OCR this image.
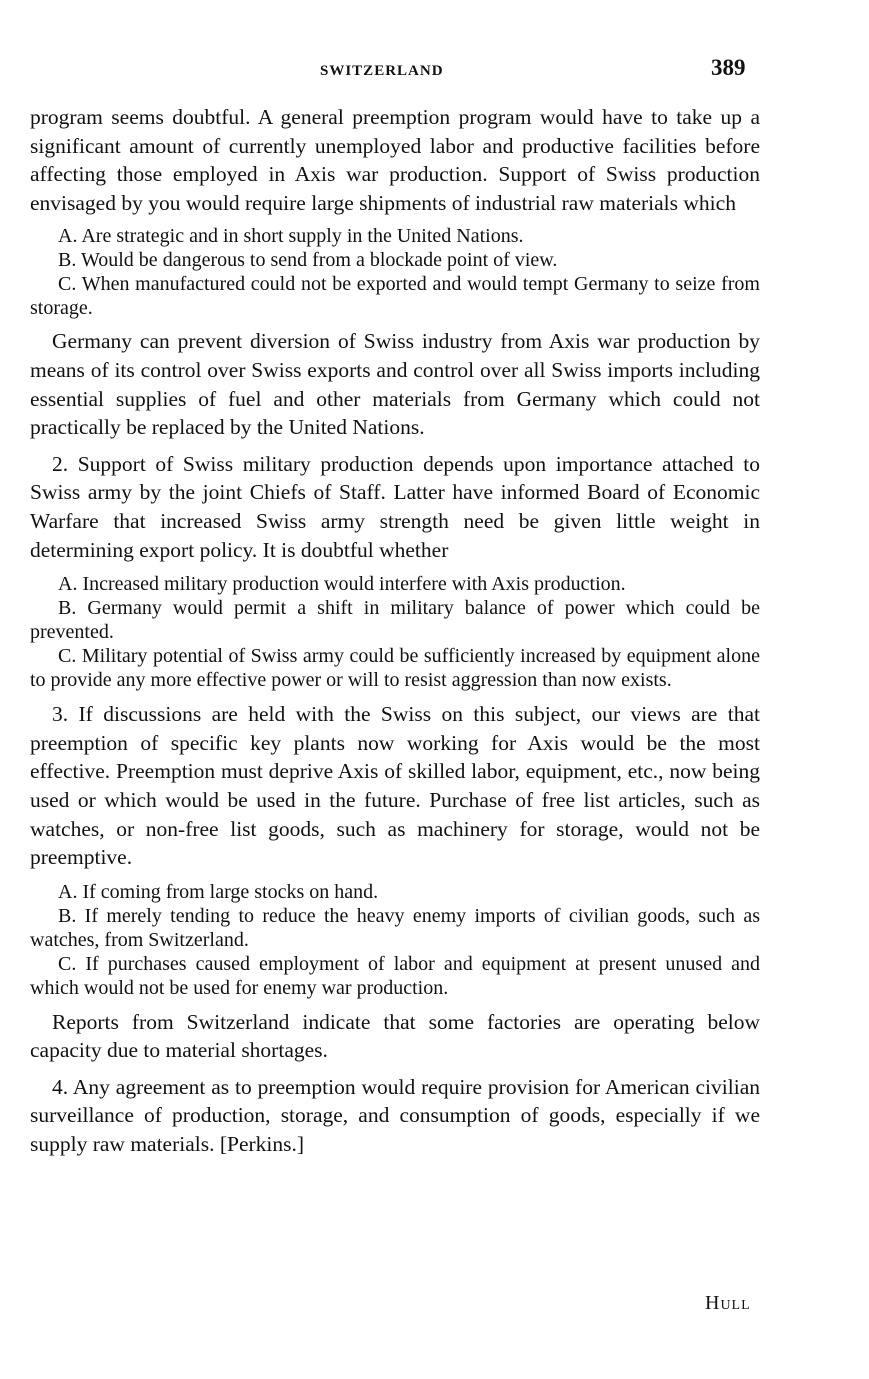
SWITZERLAND	389

program seems doubtful. A general preemption program would have to take up a significant amount of currently unemployed labor and productive facilities before affecting those employed in Axis war production. Support of Swiss production envisaged by you would require large shipments of industrial raw materials which

A. Are strategic and in short supply in the United Nations.

B. Would be dangerous to send from a blockade point of view.

C. When manufactured could not be exported and would tempt Germany to seize from storage.

Germany can prevent diversion of Swiss industry from Axis war production by means of its control over Swiss exports and control over all Swiss imports including essential supplies of fuel and other materials from Germany which could not practically be replaced by the United Nations.

2. Support of Swiss military production depends upon importance attached to Swiss army by the joint Chiefs of Staff. Latter have informed Board of Economic Warfare that increased Swiss army strength need be given little weight in determining export policy. It is doubtful whether

A. Increased military production would interfere with Axis production.

B. Germany would permit a shift in military balance of power which could be prevented.

C. Military potential of Swiss army could be sufficiently increased by equipment alone to provide any more effective power or will to resist aggression than now exists.

3. If discussions are held with the Swiss on this subject, our views are that preemption of specific key plants now working for Axis would be the most effective. Preemption must deprive Axis of skilled labor, equipment, etc., now being used or which would be used in the future. Purchase of free list articles, such as watches, or non-free list goods, such as machinery for storage, would not be preemptive.

A. If coming from large stocks on hand.

B. If merely tending to reduce the heavy enemy imports of civilian goods, such as watches, from Switzerland.

C. If purchases caused employment of labor and equipment at present unused and which would not be used for enemy war production.

Reports from Switzerland indicate that some factories are operating below capacity due to material shortages.

4. Any agreement as to preemption would require provision for American civilian surveillance of production, storage, and consumption of goods, especially if we supply raw materials. [Perkins.]

Hull
